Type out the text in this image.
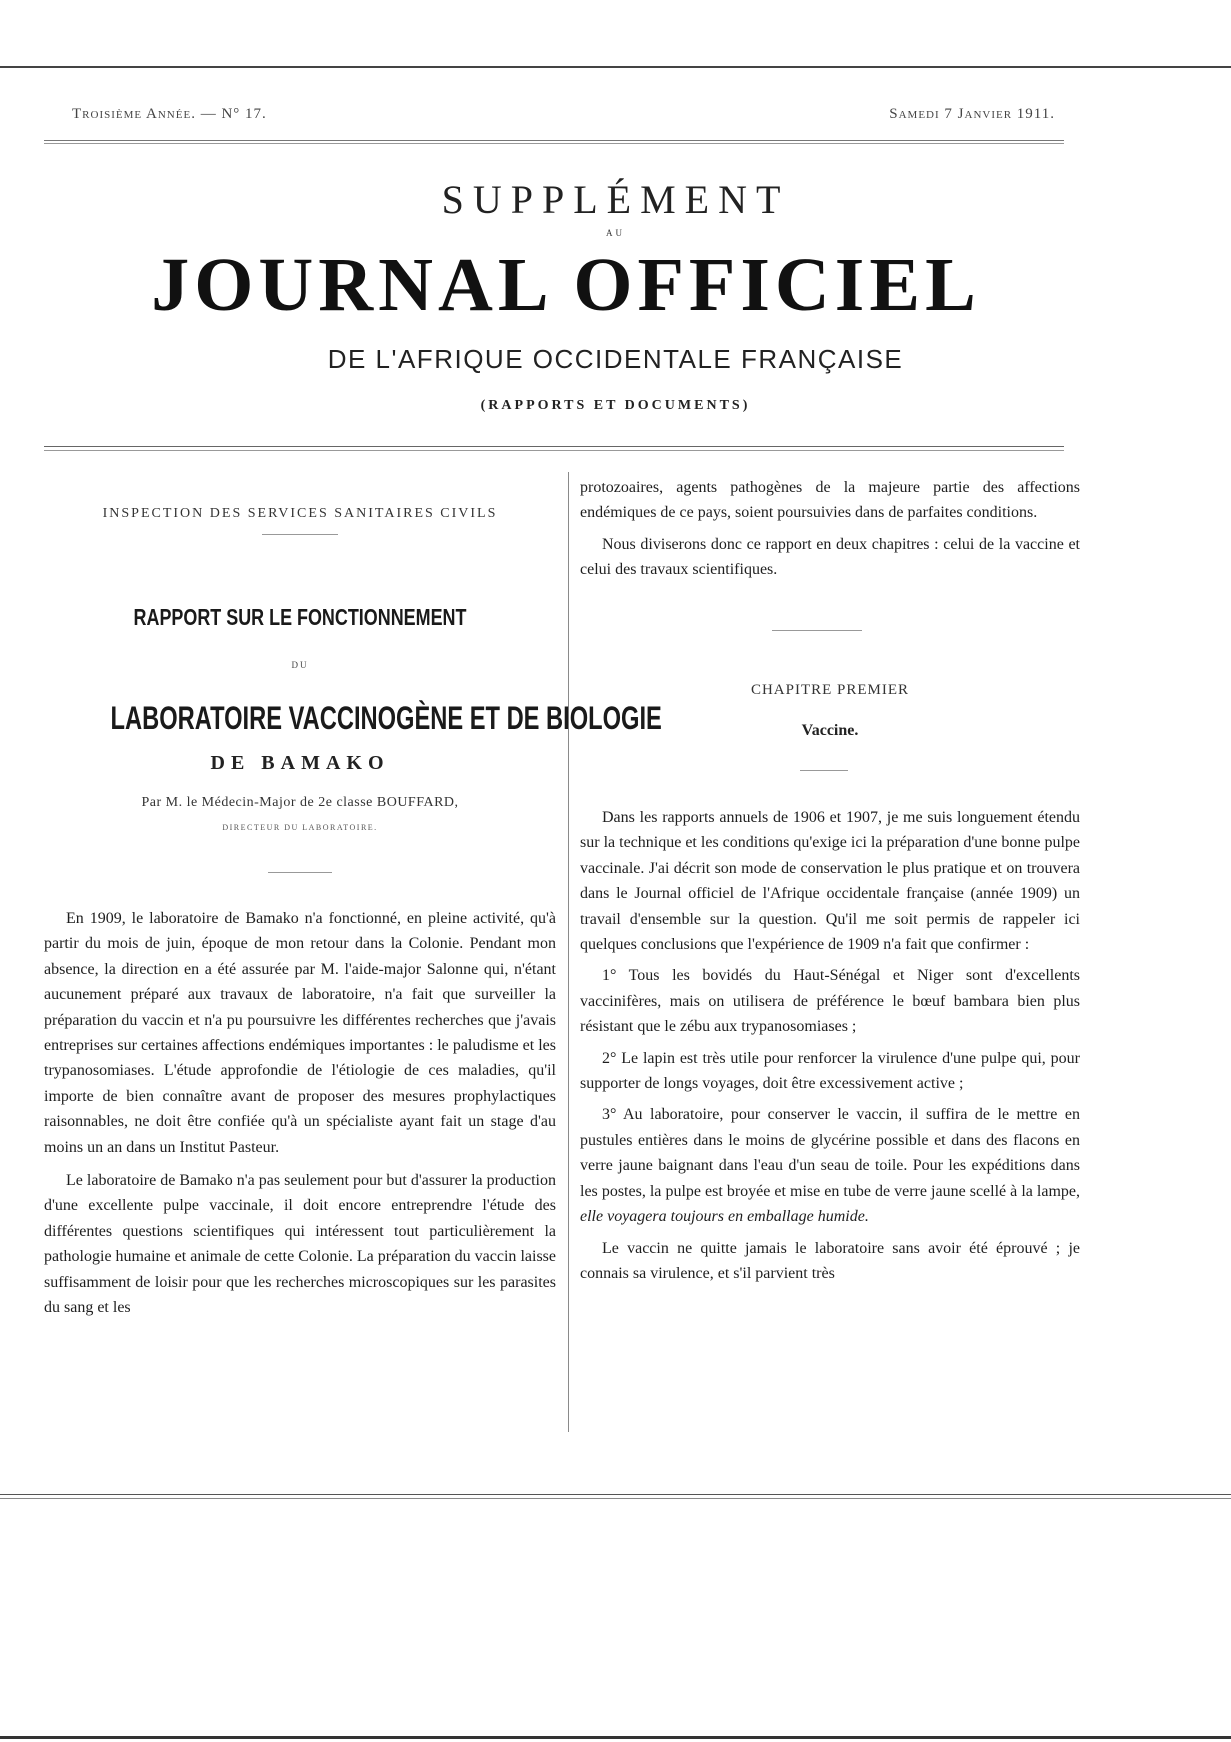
Troisième Année. — N° 17.	Samedi 7 Janvier 1911.
SUPPLÉMENT
AU
JOURNAL OFFICIEL
DE L'AFRIQUE OCCIDENTALE FRANÇAISE
(RAPPORTS ET DOCUMENTS)
INSPECTION DES SERVICES SANITAIRES CIVILS
RAPPORT SUR LE FONCTIONNEMENT
DU
LABORATOIRE VACCINOGÈNE ET DE BIOLOGIE
DE BAMAKO
Par M. le Médecin-Major de 2e classe BOUFFARD,
DIRECTEUR DU LABORATOIRE.

En 1909, le laboratoire de Bamako n'a fonctionné, en pleine activité, qu'à partir du mois de juin, époque de mon retour dans la Colonie. Pendant mon absence, la direction en a été assurée par M. l'aide-major Salonne qui, n'étant aucunement préparé aux travaux de laboratoire, n'a fait que surveiller la préparation du vaccin et n'a pu poursuivre les différentes recherches que j'avais entreprises sur certaines affections endémiques importantes : le paludisme et les trypanosomiases. L'étude approfondie de l'étiologie de ces maladies, qu'il importe de bien connaître avant de proposer des mesures prophylactiques raisonnables, ne doit être confiée qu'à un spécialiste ayant fait un stage d'au moins un an dans un Institut Pasteur.

Le laboratoire de Bamako n'a pas seulement pour but d'assurer la production d'une excellente pulpe vaccinale, il doit encore entreprendre l'étude des différentes questions scientifiques qui intéressent tout particulièrement la pathologie humaine et animale de cette Colonie. La préparation du vaccin laisse suffisamment de loisir pour que les recherches microscopiques sur les parasites du sang et les

protozoaires, agents pathogènes de la majeure partie des affections endémiques de ce pays, soient poursuivies dans de parfaites conditions.

Nous diviserons donc ce rapport en deux chapitres : celui de la vaccine et celui des travaux scientifiques.

CHAPITRE PREMIER
Vaccine.

Dans les rapports annuels de 1906 et 1907, je me suis longuement étendu sur la technique et les conditions qu'exige ici la préparation d'une bonne pulpe vaccinale. J'ai décrit son mode de conservation le plus pratique et on trouvera dans le Journal officiel de l'Afrique occidentale française (année 1909) un travail d'ensemble sur la question. Qu'il me soit permis de rappeler ici quelques conclusions que l'expérience de 1909 n'a fait que confirmer :

1° Tous les bovidés du Haut-Sénégal et Niger sont d'excellents vaccinifères, mais on utilisera de préférence le bœuf bambara bien plus résistant que le zébu aux trypanosomiases ;

2° Le lapin est très utile pour renforcer la virulence d'une pulpe qui, pour supporter de longs voyages, doit être excessivement active ;

3° Au laboratoire, pour conserver le vaccin, il suffira de le mettre en pustules entières dans le moins de glycérine possible et dans des flacons en verre jaune baignant dans l'eau d'un seau de toile. Pour les expéditions dans les postes, la pulpe est broyée et mise en tube de verre jaune scellé à la lampe, elle voyagera toujours en emballage humide.

Le vaccin ne quitte jamais le laboratoire sans avoir été éprouvé ; je connais sa virulence, et s'il parvient très
